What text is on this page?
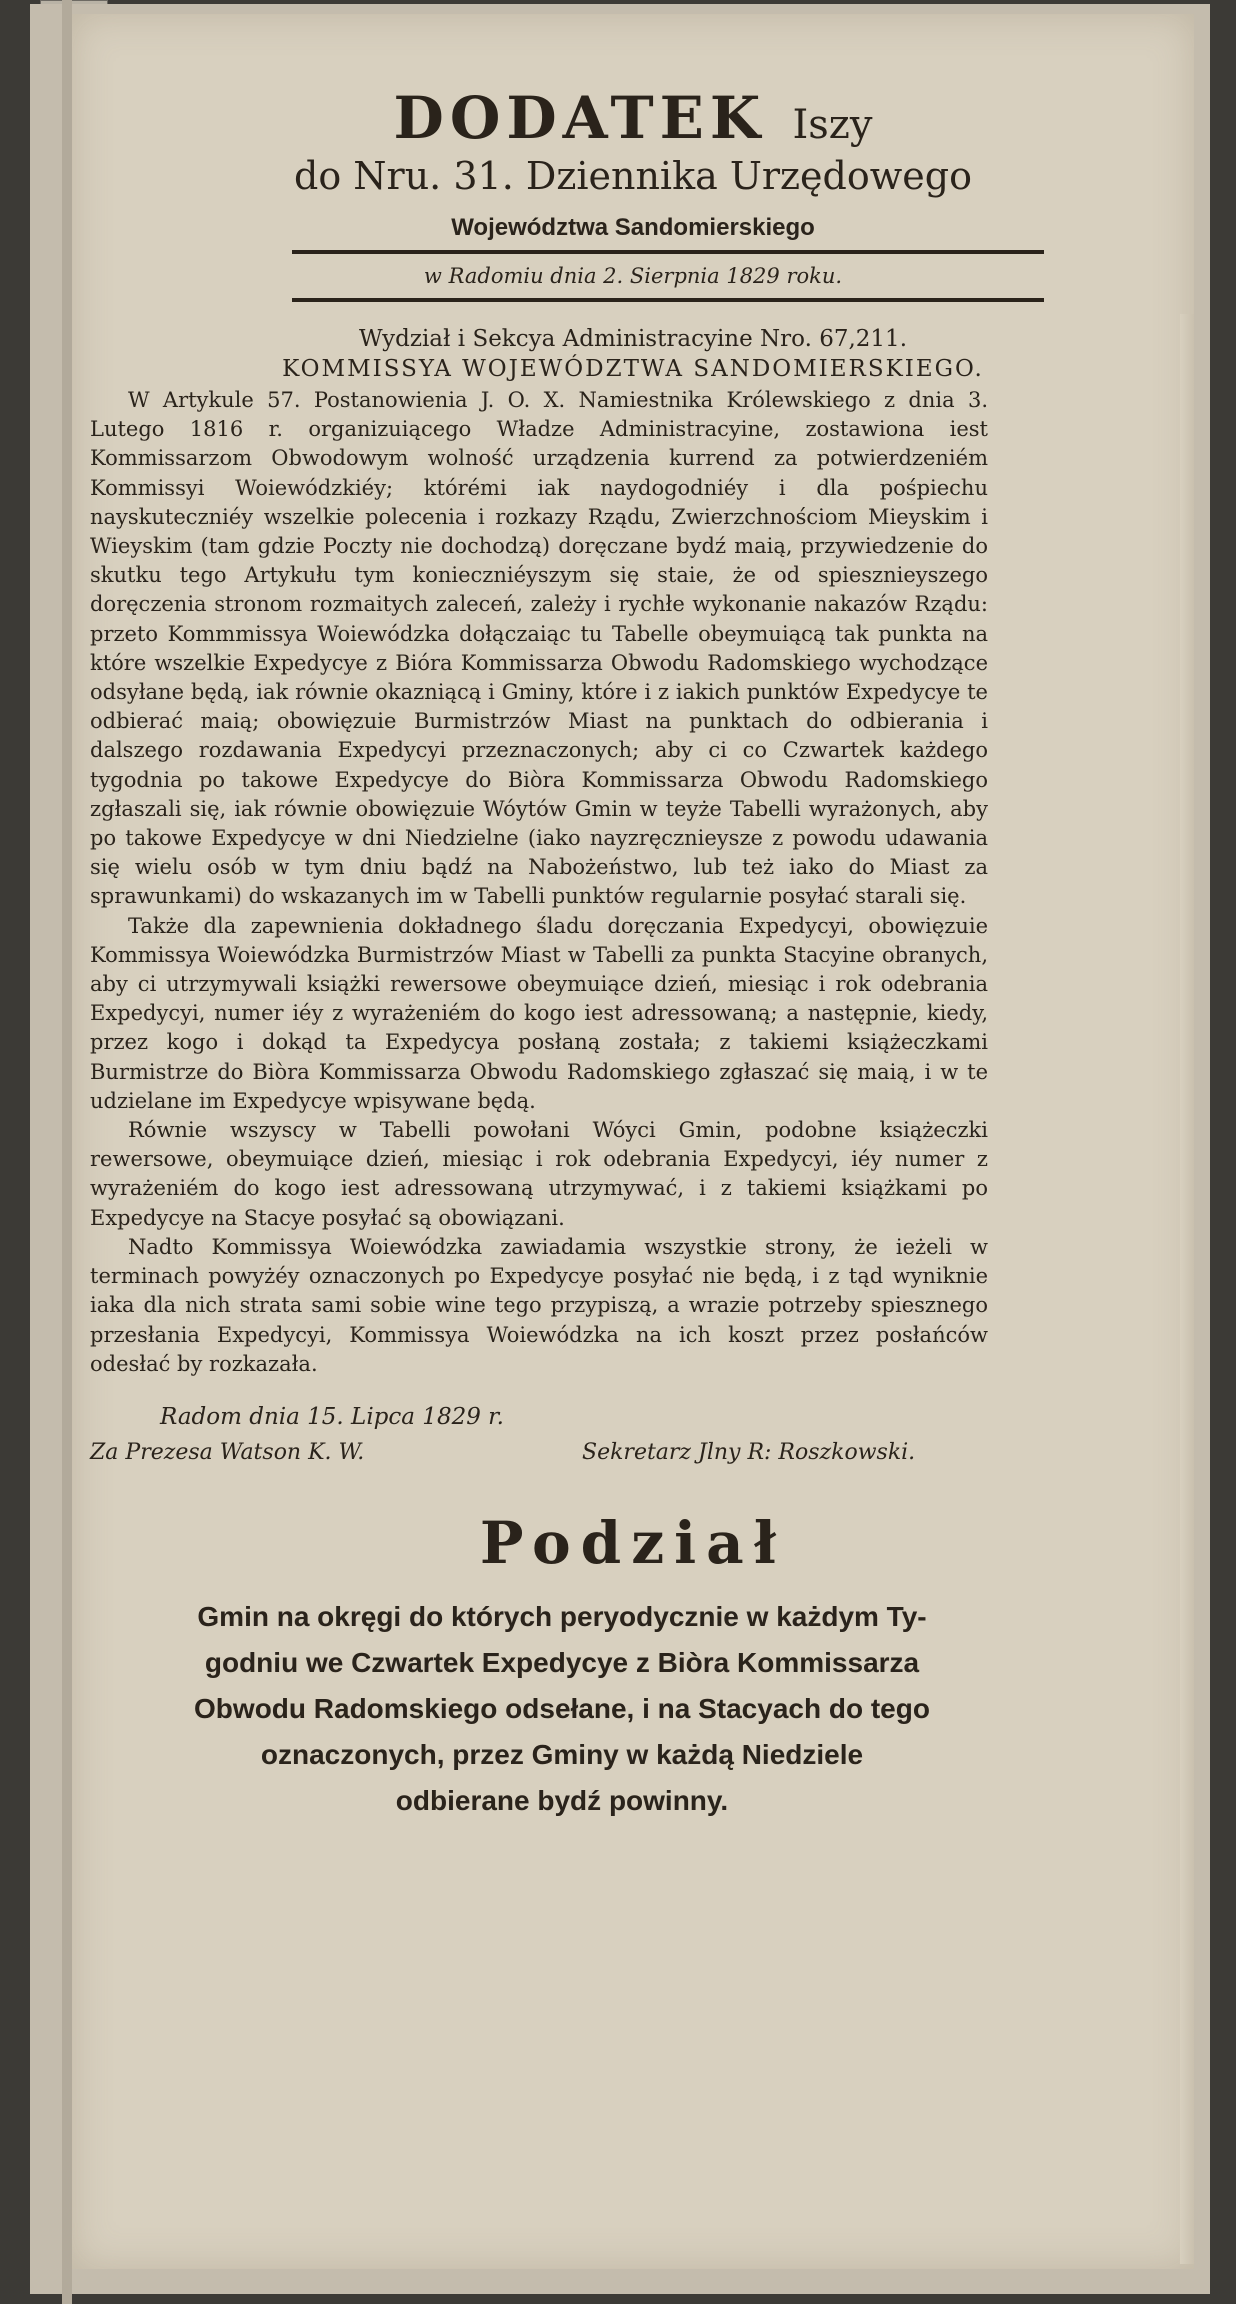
DODATEK Iszy
do Nru. 31. Dziennika Urzędowego
Województwa Sandomierskiego
w Radomiu dnia 2. Sierpnia 1829 roku.
Wydział i Sekcya Administracyine Nro. 67,211.
KOMMISSYA WOJEWÓDZTWA SANDOMIERSKIEGO.

W Artykule 57. Postanowienia J. O. X. Namiestnika Królewskiego z dnia 3. Lutego 1816 r. organizuiącego Władze Administracyine, zostawiona iest Kommissarzom Obwodowym wolność urządzenia kurrend za potwierdzeniém Kommissyi Woiewódzkiéy; którémi iak naydogodniéy i dla pośpiechu nayskuteczniéy wszelkie polecenia i rozkazy Rządu, Zwierzchnościom Mieyskim i Wieyskim (tam gdzie Poczty nie dochodzą) doręczane bydź maią, przywiedzenie do skutku tego Artykułu tym konieczniéyszym się staie, że od spiesznieyszego doręczenia stronom rozmaitych zaleceń, zależy i rychłe wykonanie nakazów Rządu: przeto Kommmissya Woiewódzka dołączaiąc tu Tabelle obeymuiącą tak punkta na które wszelkie Expedycye z Bióra Kommissarza Obwodu Radomskiego wychodzące odsyłane będą, iak równie okazniącą i Gminy, które i z iakich punktów Expedycye te odbierać maią; obowięzuie Burmistrzów Miast na punktach do odbierania i dalszego rozdawania Expedycyi przeznaczonych; aby ci co Czwartek każdego tygodnia po takowe Expedycye do Biòra Kommissarza Obwodu Radomskiego zgłaszali się, iak równie obowięzuie Wóytów Gmin w teyże Tabelli wyrażonych, aby po takowe Expedycye w dni Niedzielne (iako nayzręcznieysze z powodu udawania się wielu osób w tym dniu bądź na Nabożeństwo, lub też iako do Miast za sprawunkami) do wskazanych im w Tabelli punktów regularnie posyłać starali się.

Także dla zapewnienia dokładnego śladu doręczania Expedycyi, obowięzuie Kommissya Woiewódzka Burmistrzów Miast w Tabelli za punkta Stacyine obranych, aby ci utrzymywali książki rewersowe obeymuiące dzień, miesiąc i rok odebrania Expedycyi, numer iéy z wyrażeniém do kogo iest adressowaną; a następnie, kiedy, przez kogo i dokąd ta Expedycya posłaną została; z takiemi książeczkami Burmistrze do Biòra Kommissarza Obwodu Radomskiego zgłaszać się maią, i w te udzielane im Expedycye wpisywane będą.

Równie wszyscy w Tabelli powołani Wóyci Gmin, podobne książeczki rewersowe, obeymuiące dzień, miesiąc i rok odebrania Expedycyi, iéy numer z wyrażeniém do kogo iest adressowaną utrzymywać, i z takiemi książkami po Expedycye na Stacye posyłać są obowiązani.

Nadto Kommissya Woiewódzka zawiadamia wszystkie strony, że ieżeli w terminach powyżéy oznaczonych po Expedycye posyłać nie będą, i z tąd wyniknie iaka dla nich strata sami sobie wine tego przypiszą, a wrazie potrzeby spiesznego przesłania Expedycyi, Kommissya Woiewódzka na ich koszt przez posłańców odesłać by rozkazała.

Radom dnia 15. Lipca 1829 r.
Za Prezesa Watson K. W.	Sekretarz Jlny R: Roszkowski.
Podział
Gmin na okręgi do których peryodycznie w każdym Ty-
godniu we Czwartek Expedycye z Biòra Kommissarza
Obwodu Radomskiego odsełane, i na Stacyach do tego
oznaczonych, przez Gminy w każdą Niedziele
odbierane bydź powinny.
